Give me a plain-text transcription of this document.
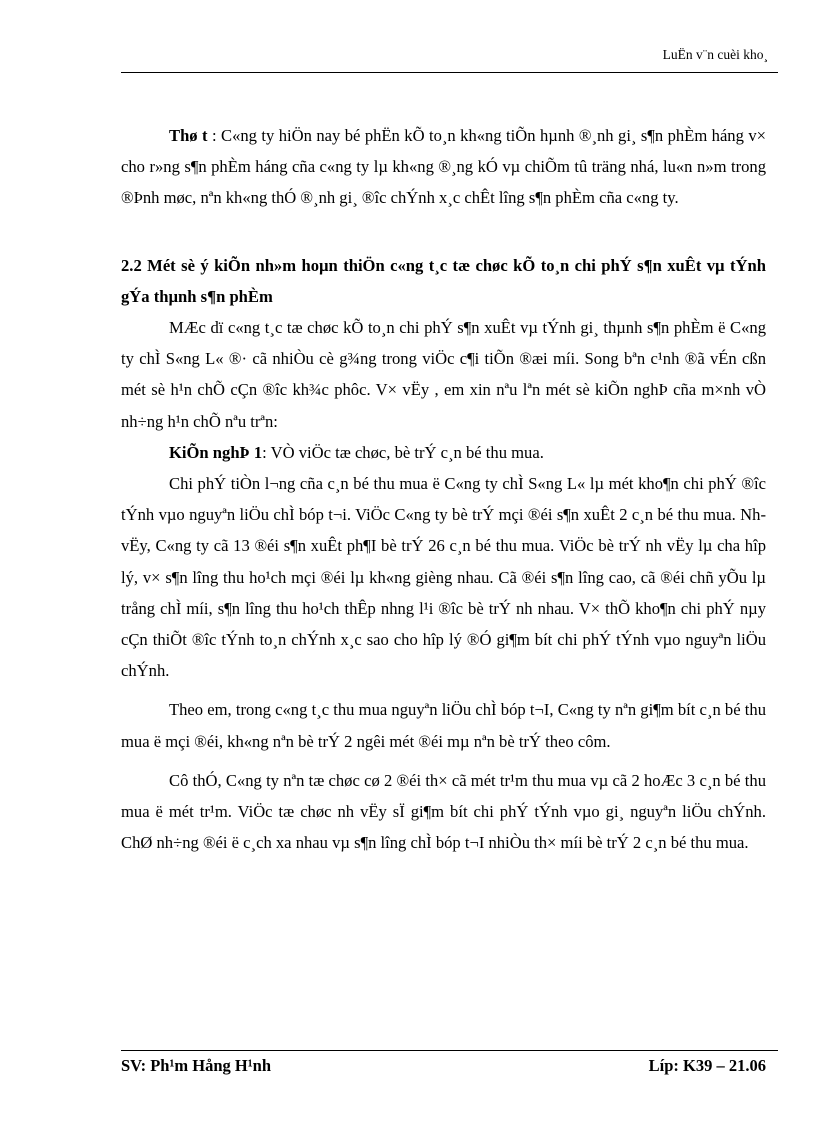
LuËn v¨n cuèi kho¸

Thø t : C«ng ty hiÖn nay bé phËn kÕ to¸n kh«ng tiÕn hµnh ®¸nh gi¸ s¶n phÈm háng v× cho r»ng s¶n phÈm háng cña c«ng ty lµ kh«ng ®¸ng kÓ vµ chiÕm tû träng nhá, lu«n n»m trong ®Þnh møc, nªn kh«ng thÓ ®¸nh gi¸ ®îc chÝnh x¸c chÊt lîng s¶n phÈm cña c«ng ty.

2.2 Mét sè ý kiÕn nh»m hoµn thiÖn c«ng t¸c tæ chøc kÕ to¸n chi phÝ s¶n xuÊt vµ tÝnh gÝa thµnh s¶n phÈm

MÆc dï c«ng t¸c tæ chøc kÕ to¸n chi phÝ s¶n xuÊt vµ tÝnh gi¸ thµnh s¶n phÈm ë C«ng ty chÌ S«ng L« ®· cã nhiÒu cè g¾ng trong viÖc c¶i tiÕn ®æi míi. Song bªn c¹nh ®ã vÉn cßn mét sè h¹n chÕ cÇn ®îc kh¾c phôc. V× vËy , em xin nªu lªn mét sè kiÕn nghÞ cña m×nh vÒ nh÷ng h¹n chÕ nªu trªn:

KiÕn nghÞ 1: VÒ viÖc tæ chøc, bè trÝ c¸n bé thu mua.

Chi phÝ tiÒn l¬ng cña c¸n bé thu mua ë C«ng ty chÌ S«ng L« lµ mét kho¶n chi phÝ ®îc tÝnh vµo nguyªn liÖu chÌ bóp t¬i. ViÖc C«ng ty bè trÝ mçi ®éi s¶n xuÊt 2 c¸n bé thu mua. Nh vËy, C«ng ty cã 13 ®éi s¶n xuÊt ph¶I bè trÝ 26 c¸n bé thu mua. ViÖc bè trÝ nh vËy lµ cha hîp lý, v× s¶n lîng thu ho¹ch mçi ®éi lµ kh«ng gièng nhau. Cã ®éi s¶n lîng cao, cã ®éi chñ yÕu lµ trång chÌ míi, s¶n lîng thu ho¹ch thÊp nhng l¹i ®îc bè trÝ nh nhau. V× thÕ kho¶n chi phÝ nµy cÇn thiÕt ®îc tÝnh to¸n chÝnh x¸c sao cho hîp lý ®Ó gi¶m bít chi phÝ tÝnh vµo nguyªn liÖu chÝnh.

Theo em, trong c«ng t¸c thu mua nguyªn liÖu chÌ bóp t¬I, C«ng ty nªn gi¶m bít c¸n bé thu mua ë mçi ®éi, kh«ng nªn bè trÝ 2 ngêi mét ®éi mµ nªn bè trÝ theo côm.

Cô thÓ, C«ng ty nªn tæ chøc cø 2 ®éi th× cã mét tr¹m thu mua vµ cã 2 hoÆc 3 c¸n bé thu mua ë mét tr¹m. ViÖc tæ chøc nh vËy sÏ gi¶m bít chi phÝ tÝnh vµo gi¸ nguyªn liÖu chÝnh. ChØ nh÷ng ®éi ë c¸ch xa nhau vµ s¶n lîng chÌ bóp t¬I nhiÒu th× míi bè trÝ 2 c¸n bé thu mua.

SV: Ph¹m Hång H¹nh	Líp: K39 – 21.06
